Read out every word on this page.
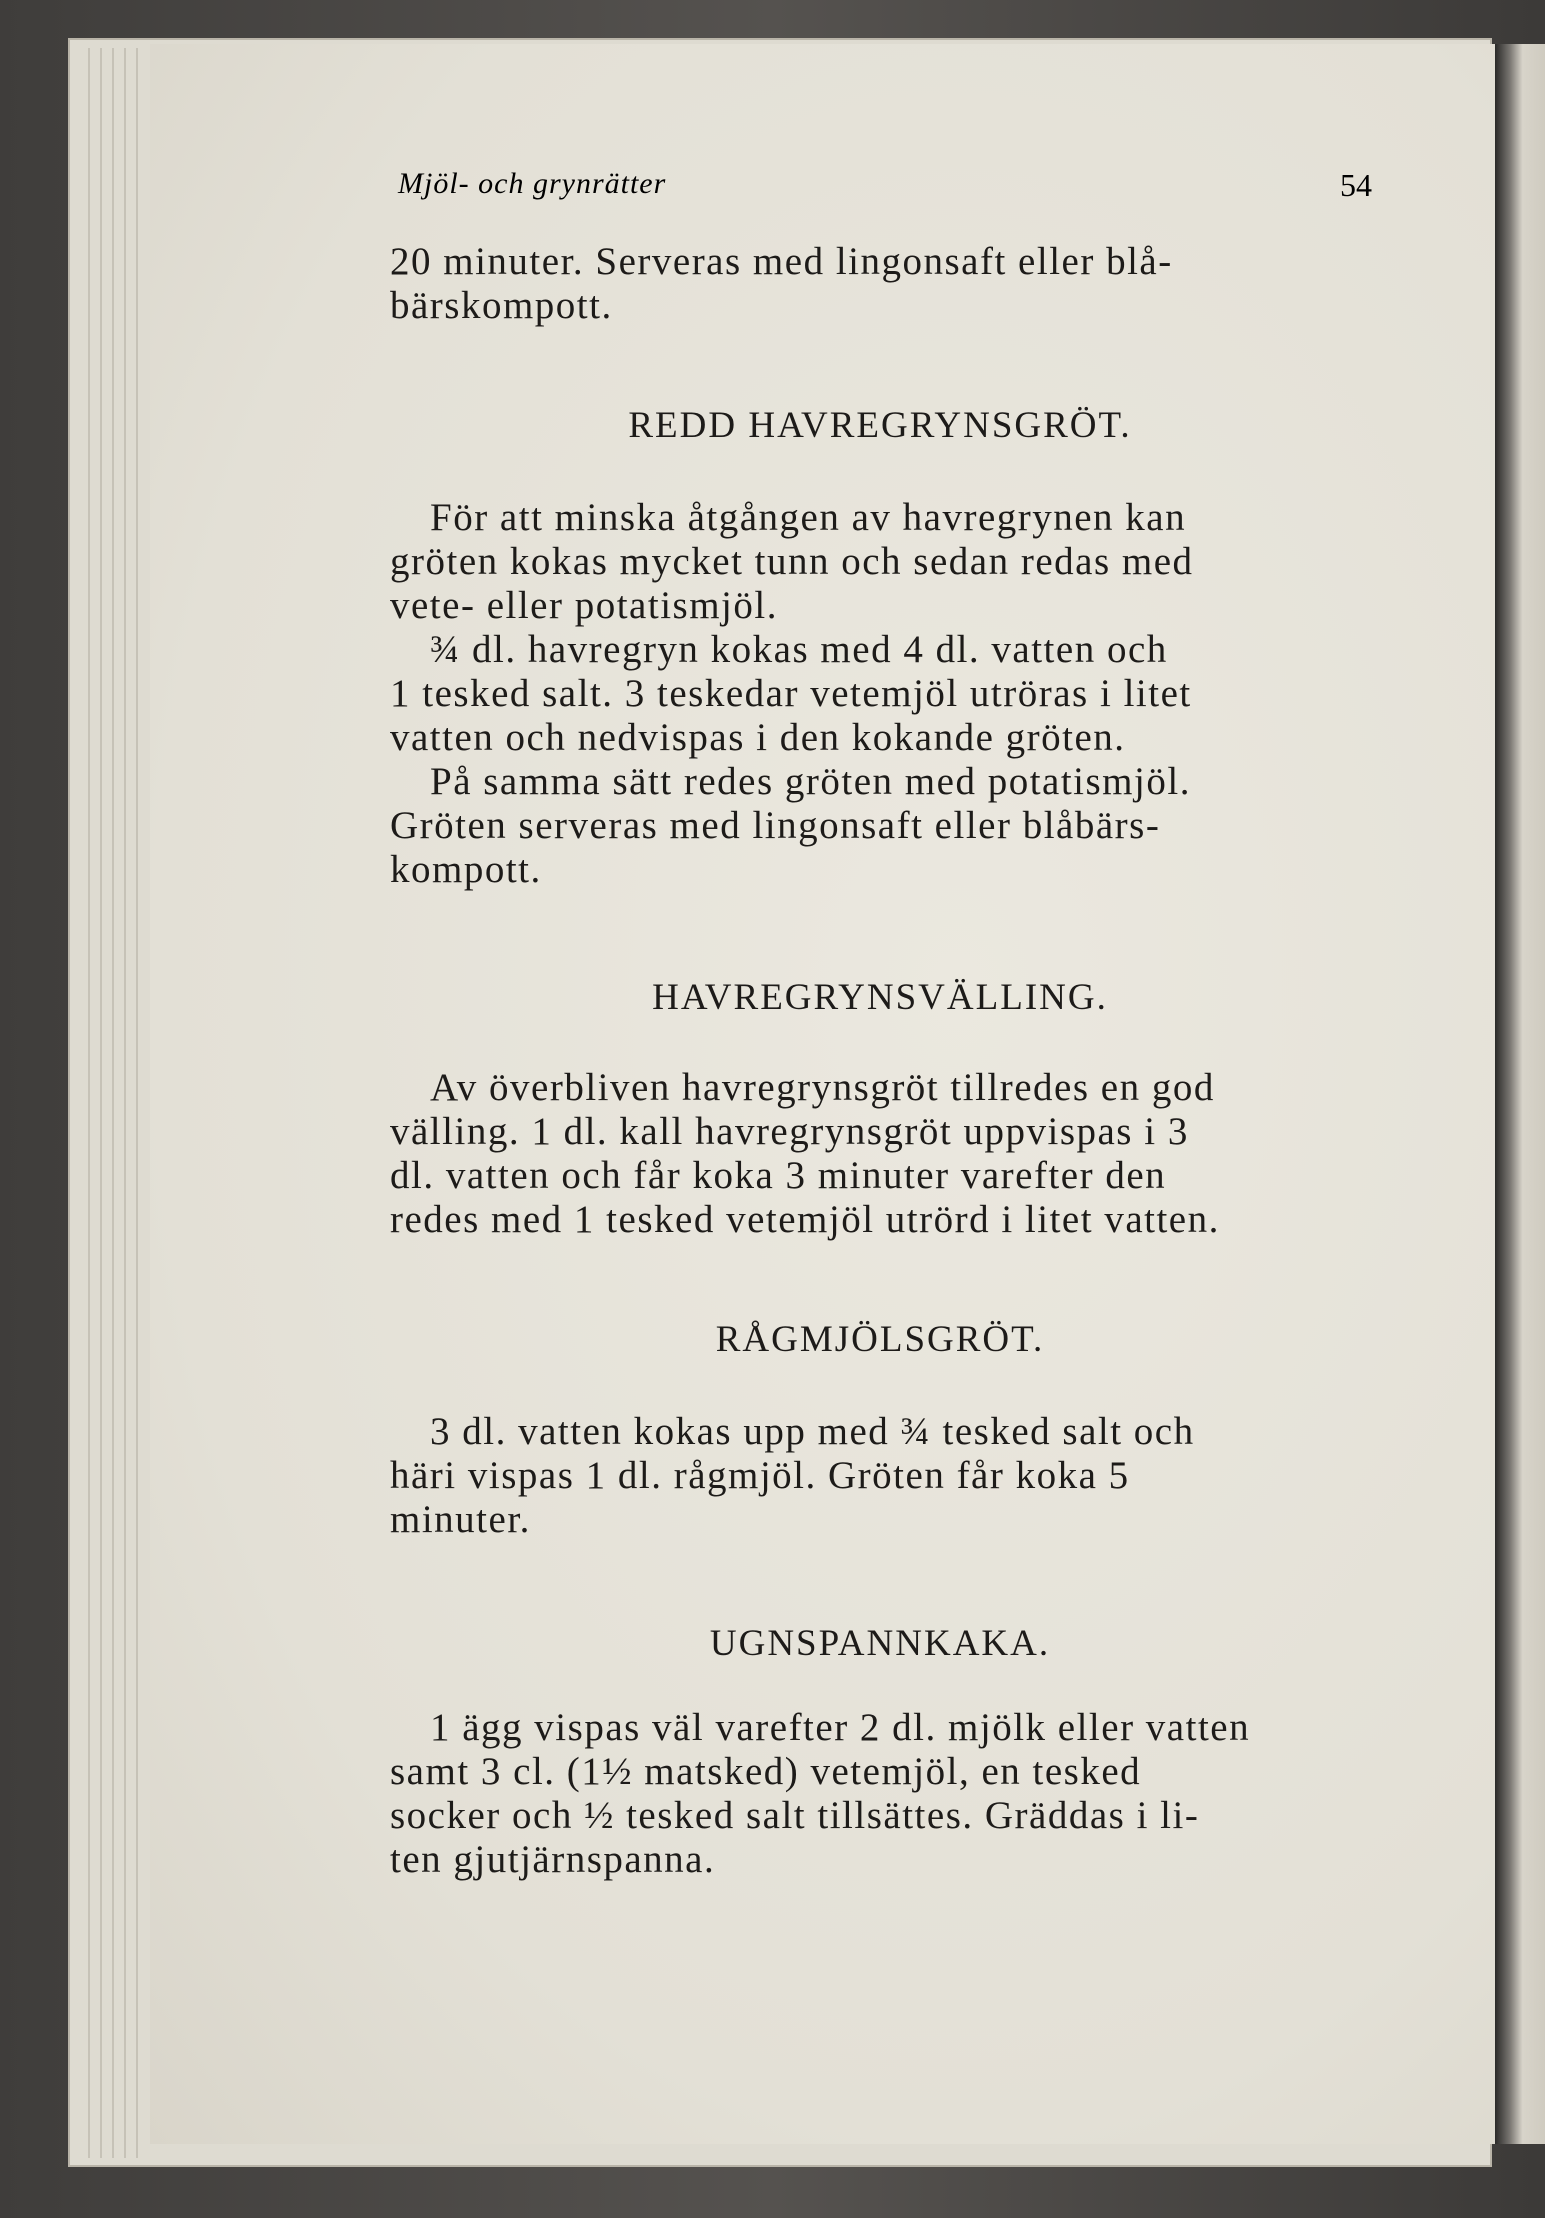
Mjöl- och grynrätter	54

20 minuter. Serveras med lingonsaft eller blå-

bärskompott.

REDD HAVREGRYNSGRÖT.

För att minska åtgången av havregrynen kan

gröten kokas mycket tunn och sedan redas med

vete- eller potatismjöl.

¾ dl. havregryn kokas med 4 dl. vatten och

1 tesked salt. 3 teskedar vetemjöl utröras i litet

vatten och nedvispas i den kokande gröten.

På samma sätt redes gröten med potatismjöl.

Gröten serveras med lingonsaft eller blåbärs-

kompott.

HAVREGRYNSVÄLLING.

Av överbliven havregrynsgröt tillredes en god

välling. 1 dl. kall havregrynsgröt uppvispas i 3

dl. vatten och får koka 3 minuter varefter den

redes med 1 tesked vetemjöl utrörd i litet vatten.

RÅGMJÖLSGRÖT.

3 dl. vatten kokas upp med ¾ tesked salt och

häri vispas 1 dl. rågmjöl. Gröten får koka 5

minuter.

UGNSPANNKAKA.

1 ägg vispas väl varefter 2 dl. mjölk eller vatten

samt 3 cl. (1½ matsked) vetemjöl, en tesked

socker och ½ tesked salt tillsättes. Gräddas i li-

ten gjutjärnspanna.
